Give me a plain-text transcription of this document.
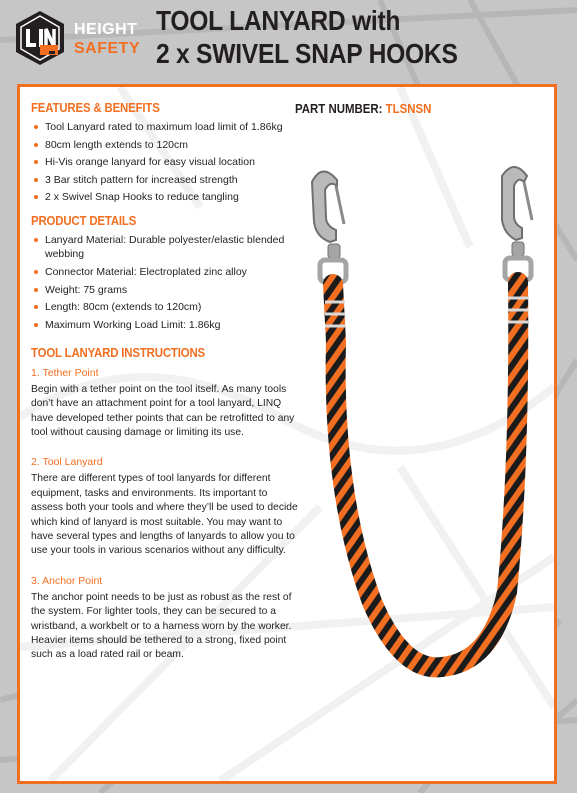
HEIGHT
SAFETY
TOOL LANYARD with
2 x SWIVEL SNAP HOOKS
PART NUMBER: TLSNSN
FEATURES & BENEFITS
Tool Lanyard rated to maximum load limit of 1.86kg
80cm length extends to 120cm
Hi-Vis orange lanyard for easy visual location
3 Bar stitch pattern for increased strength
2 x Swivel Snap Hooks to reduce tangling
PRODUCT DETAILS
Lanyard Material: Durable polyester/elastic blended webbing
Connector Material: Electroplated zinc alloy
Weight: 75 grams
Length: 80cm (extends to 120cm)
Maximum Working Load Limit: 1.86kg
TOOL LANYARD INSTRUCTIONS
1. Tether Point
Begin with a tether point on the tool itself. As many tools don’t have an attachment point for a tool lanyard, LINQ have developed tether points that can be retrofitted to any tool without causing damage or limiting its use.
2. Tool Lanyard
There are different types of tool lanyards for different equipment, tasks and environments. Its important to assess both your tools and where they’ll be used to decide which kind of lanyard is most suitable. You may want to have several types and lengths of lanyards to allow you to use your tools in various scenarios without any difficulty.
3. Anchor Point
The anchor point needs to be just as robust as the rest of the system. For lighter tools, they can be secured to a wristband, a workbelt or to a harness worn by the worker. Heavier items should be tethered to a strong, fixed point such as a load rated rail or beam.
